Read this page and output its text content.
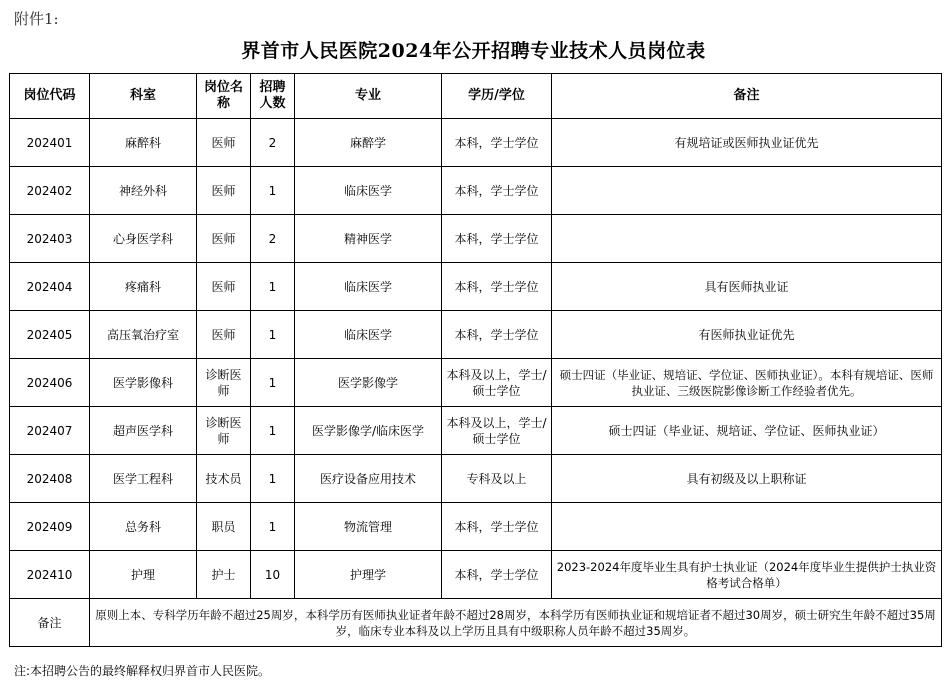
附件1:
界首市人民医院2024年公开招聘专业技术人员岗位表
岗位代码	科室	岗位名称	招聘人数	专业	学历/学位	备注
202401	麻醉科	医师	2	麻醉学	本科，学士学位	有规培证或医师执业证优先
202402	神经外科	医师	1	临床医学	本科，学士学位	
202403	心身医学科	医师	2	精神医学	本科，学士学位	
202404	疼痛科	医师	1	临床医学	本科，学士学位	具有医师执业证
202405	高压氧治疗室	医师	1	临床医学	本科，学士学位	有医师执业证优先
202406	医学影像科	诊断医师	1	医学影像学	本科及以上，学士/硕士学位	硕士四证（毕业证、规培证、学位证、医师执业证）。本科有规培证、医师执业证、三级医院影像诊断工作经验者优先。
202407	超声医学科	诊断医师	1	医学影像学/临床医学	本科及以上，学士/硕士学位	硕士四证（毕业证、规培证、学位证、医师执业证）
202408	医学工程科	技术员	1	医疗设备应用技术	专科及以上	具有初级及以上职称证
202409	总务科	职员	1	物流管理	本科，学士学位	
202410	护理	护士	10	护理学	本科，学士学位	2023-2024年度毕业生具有护士执业证（2024年度毕业生提供护士执业资格考试合格单）
备注	原则上本、专科学历年龄不超过25周岁，本科学历有医师执业证者年龄不超过28周岁，本科学历有医师执业证和规培证者不超过30周岁，硕士研究生年龄不超过35周岁，临床专业本科及以上学历且具有中级职称人员年龄不超过35周岁。					
注:本招聘公告的最终解释权归界首市人民医院。
